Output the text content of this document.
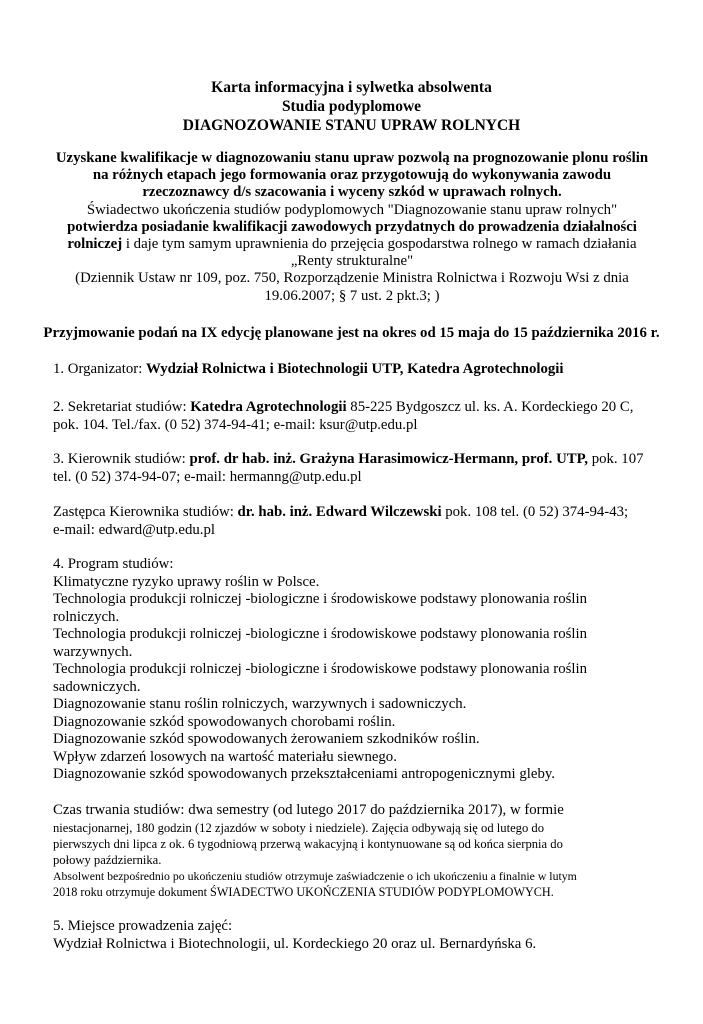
Karta informacyjna i sylwetka absolwenta

Studia podyplomowe

DIAGNOZOWANIE STANU UPRAW ROLNYCH

Uzyskane kwalifikacje w diagnozowaniu stanu upraw pozwolą na prognozowanie plonu roślin

na różnych etapach jego formowania oraz przygotowują do wykonywania zawodu

rzeczoznawcy d/s szacowania i wyceny szkód w uprawach rolnych.

Świadectwo ukończenia studiów podyplomowych "Diagnozowanie stanu upraw rolnych"

potwierdza posiadanie kwalifikacji zawodowych przydatnych do prowadzenia działalności

rolniczej i daje tym samym uprawnienia do przejęcia gospodarstwa rolnego w ramach działania

„Renty strukturalne"

(Dziennik Ustaw nr 109, poz. 750, Rozporządzenie Ministra Rolnictwa i Rozwoju Wsi z dnia

19.06.2007; § 7 ust. 2 pkt.3; )

Przyjmowanie podań na IX edycję planowane jest na okres od 15 maja do 15 października 2016 r.

1. Organizator: Wydział Rolnictwa i Biotechnologii UTP, Katedra Agrotechnologii

2. Sekretariat studiów: Katedra Agrotechnologii 85-225 Bydgoszcz ul. ks. A. Kordeckiego 20 C,

pok. 104. Tel./fax. (0 52) 374-94-41; e-mail: ksur@utp.edu.pl

3. Kierownik studiów: prof. dr hab. inż. Grażyna Harasimowicz-Hermann, prof. UTP, pok. 107

tel. (0 52) 374-94-07; e-mail: hermanng@utp.edu.pl

Zastępca Kierownika studiów: dr. hab. inż. Edward Wilczewski pok. 108 tel. (0 52) 374-94-43;

e-mail: edward@utp.edu.pl

4. Program studiów:

Klimatyczne ryzyko uprawy roślin w Polsce.

Technologia produkcji rolniczej -biologiczne i środowiskowe podstawy plonowania roślin

rolniczych.

Technologia produkcji rolniczej -biologiczne i środowiskowe podstawy plonowania roślin

warzywnych.

Technologia produkcji rolniczej -biologiczne i środowiskowe podstawy plonowania roślin

sadowniczych.

Diagnozowanie stanu roślin rolniczych, warzywnych i sadowniczych.

Diagnozowanie szkód spowodowanych chorobami roślin.

Diagnozowanie szkód spowodowanych żerowaniem szkodników roślin.

Wpływ zdarzeń losowych na wartość materiału siewnego.

Diagnozowanie szkód spowodowanych przekształceniami antropogenicznymi gleby.

Czas trwania studiów: dwa semestry (od lutego 2017 do października 2017), w formie

niestacjonarnej, 180 godzin (12 zjazdów w soboty i niedziele). Zajęcia odbywają się od lutego do

pierwszych dni lipca z ok. 6 tygodniową przerwą wakacyjną i kontynuowane są od końca sierpnia do

połowy października.

Absolwent bezpośrednio po ukończeniu studiów otrzymuje zaświadczenie o ich ukończeniu a finalnie w lutym

2018 roku otrzymuje dokument ŚWIADECTWO UKOŃCZENIA STUDIÓW PODYPLOMOWYCH.

5. Miejsce prowadzenia zajęć:

Wydział Rolnictwa i Biotechnologii, ul. Kordeckiego 20 oraz ul. Bernardyńska 6.
